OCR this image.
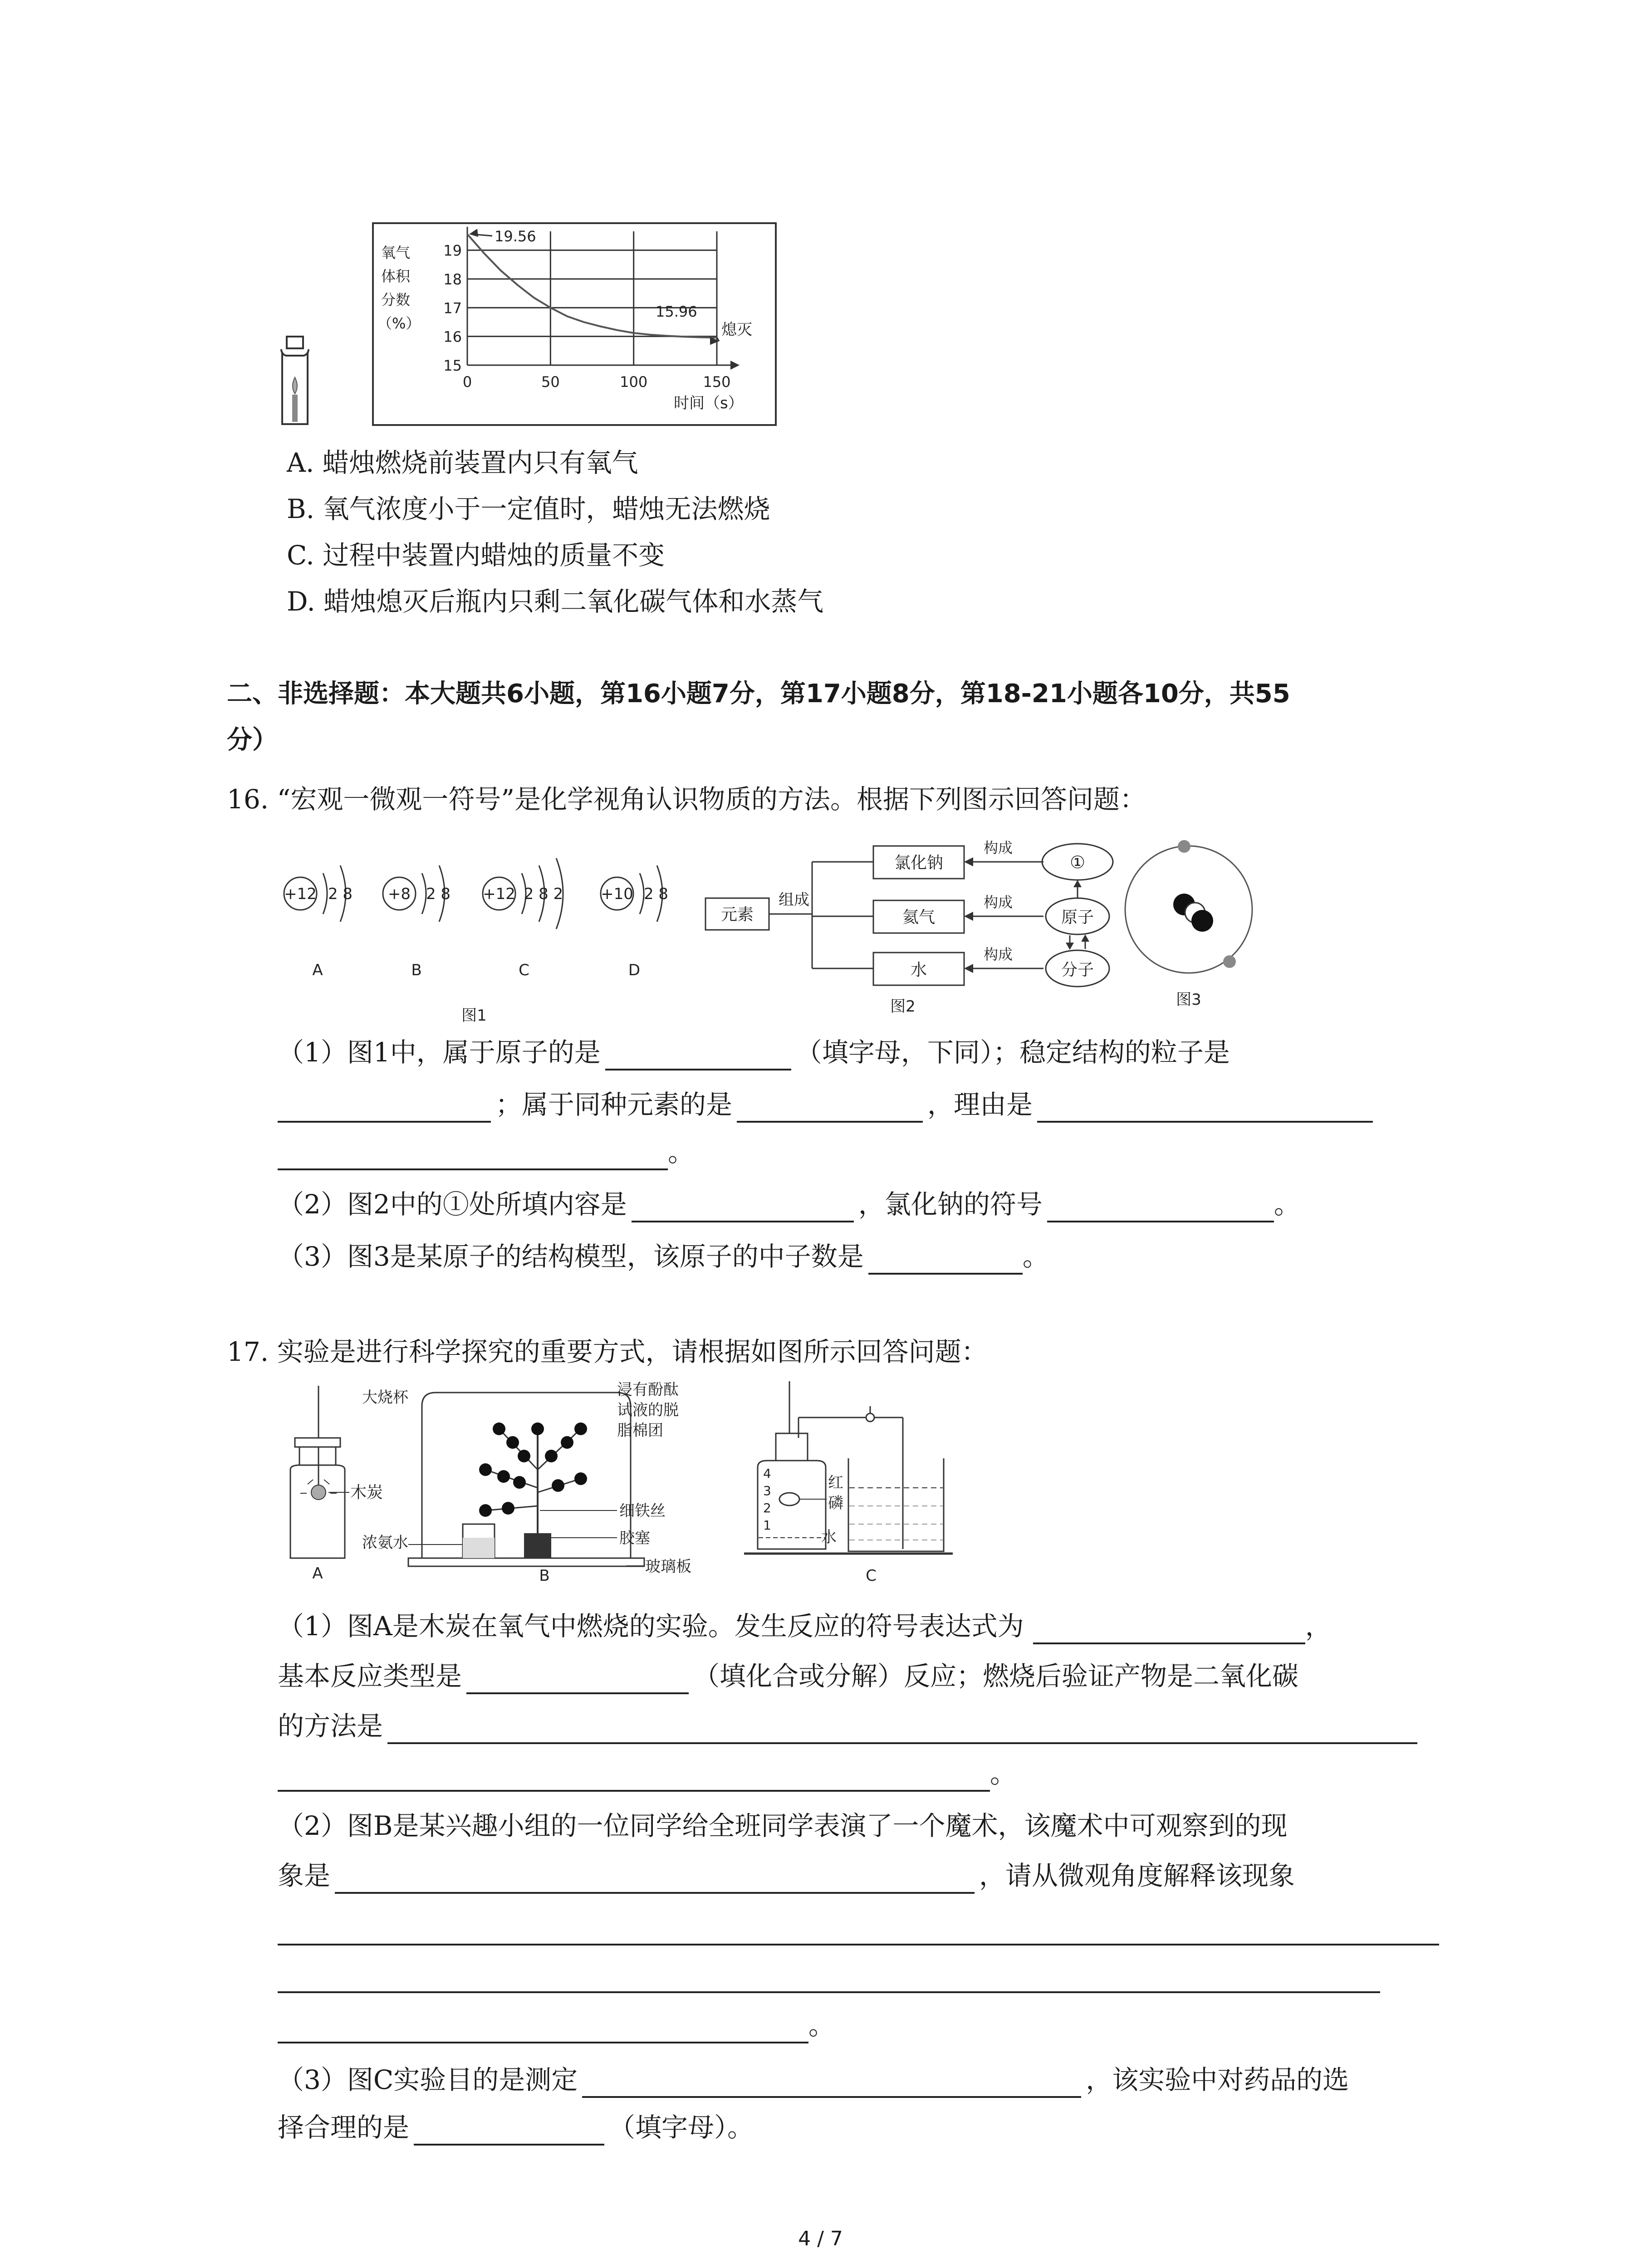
氧气
体积
分数
（%）
19
18
17
16
15
0	50	100	150
时间（s）
19.56
15.96
熄灭
A. 蜡烛燃烧前装置内只有氧气
B. 氧气浓度小于一定值时，蜡烛无法燃烧
C. 过程中装置内蜡烛的质量不变
D. 蜡烛熄灭后瓶内只剩二氧化碳气体和水蒸气
二、非选择题：本大题共6小题，第16小题7分，第17小题8分，第18-21小题各10分，共55
分）
16. “宏观一微观一符号”是化学视角认识物质的方法。根据下列图示回答问题：
+12 2 8
A
+8 2 8
B
+12 2 8 2
C
+10 2 8
D
图1
元素
组成
氯化钠
氦气
水
构成
构成
构成
①
原子
分子
图2	图3
（1）图1中，属于原子的是	（填字母，下同）；稳定结构的粒子是
；属于同种元素的是	，理由是
。
（2）图2中的①处所填内容是	，氯化钠的符号	。
（3）图3是某原子的结构模型，该原子的中子数是	。
17. 实验是进行科学探究的重要方式，请根据如图所示回答问题：
木炭
A
大烧杯	浸有酚酞
试液的脱
脂棉团
细铁丝
胶塞
浓氨水
玻璃板
B
4
3
2
1
红
磷
水
C
（1）图A是木炭在氧气中燃烧的实验。发生反应的符号表达式为	，
基本反应类型是	（填化合或分解）反应；燃烧后验证产物是二氧化碳
的方法是
。
（2）图B是某兴趣小组的一位同学给全班同学表演了一个魔术，该魔术中可观察到的现
象是	，请从微观角度解释该现象
。
（3）图C实验目的是测定	，该实验中对药品的选
择合理的是	（填字母）。
4 / 7
